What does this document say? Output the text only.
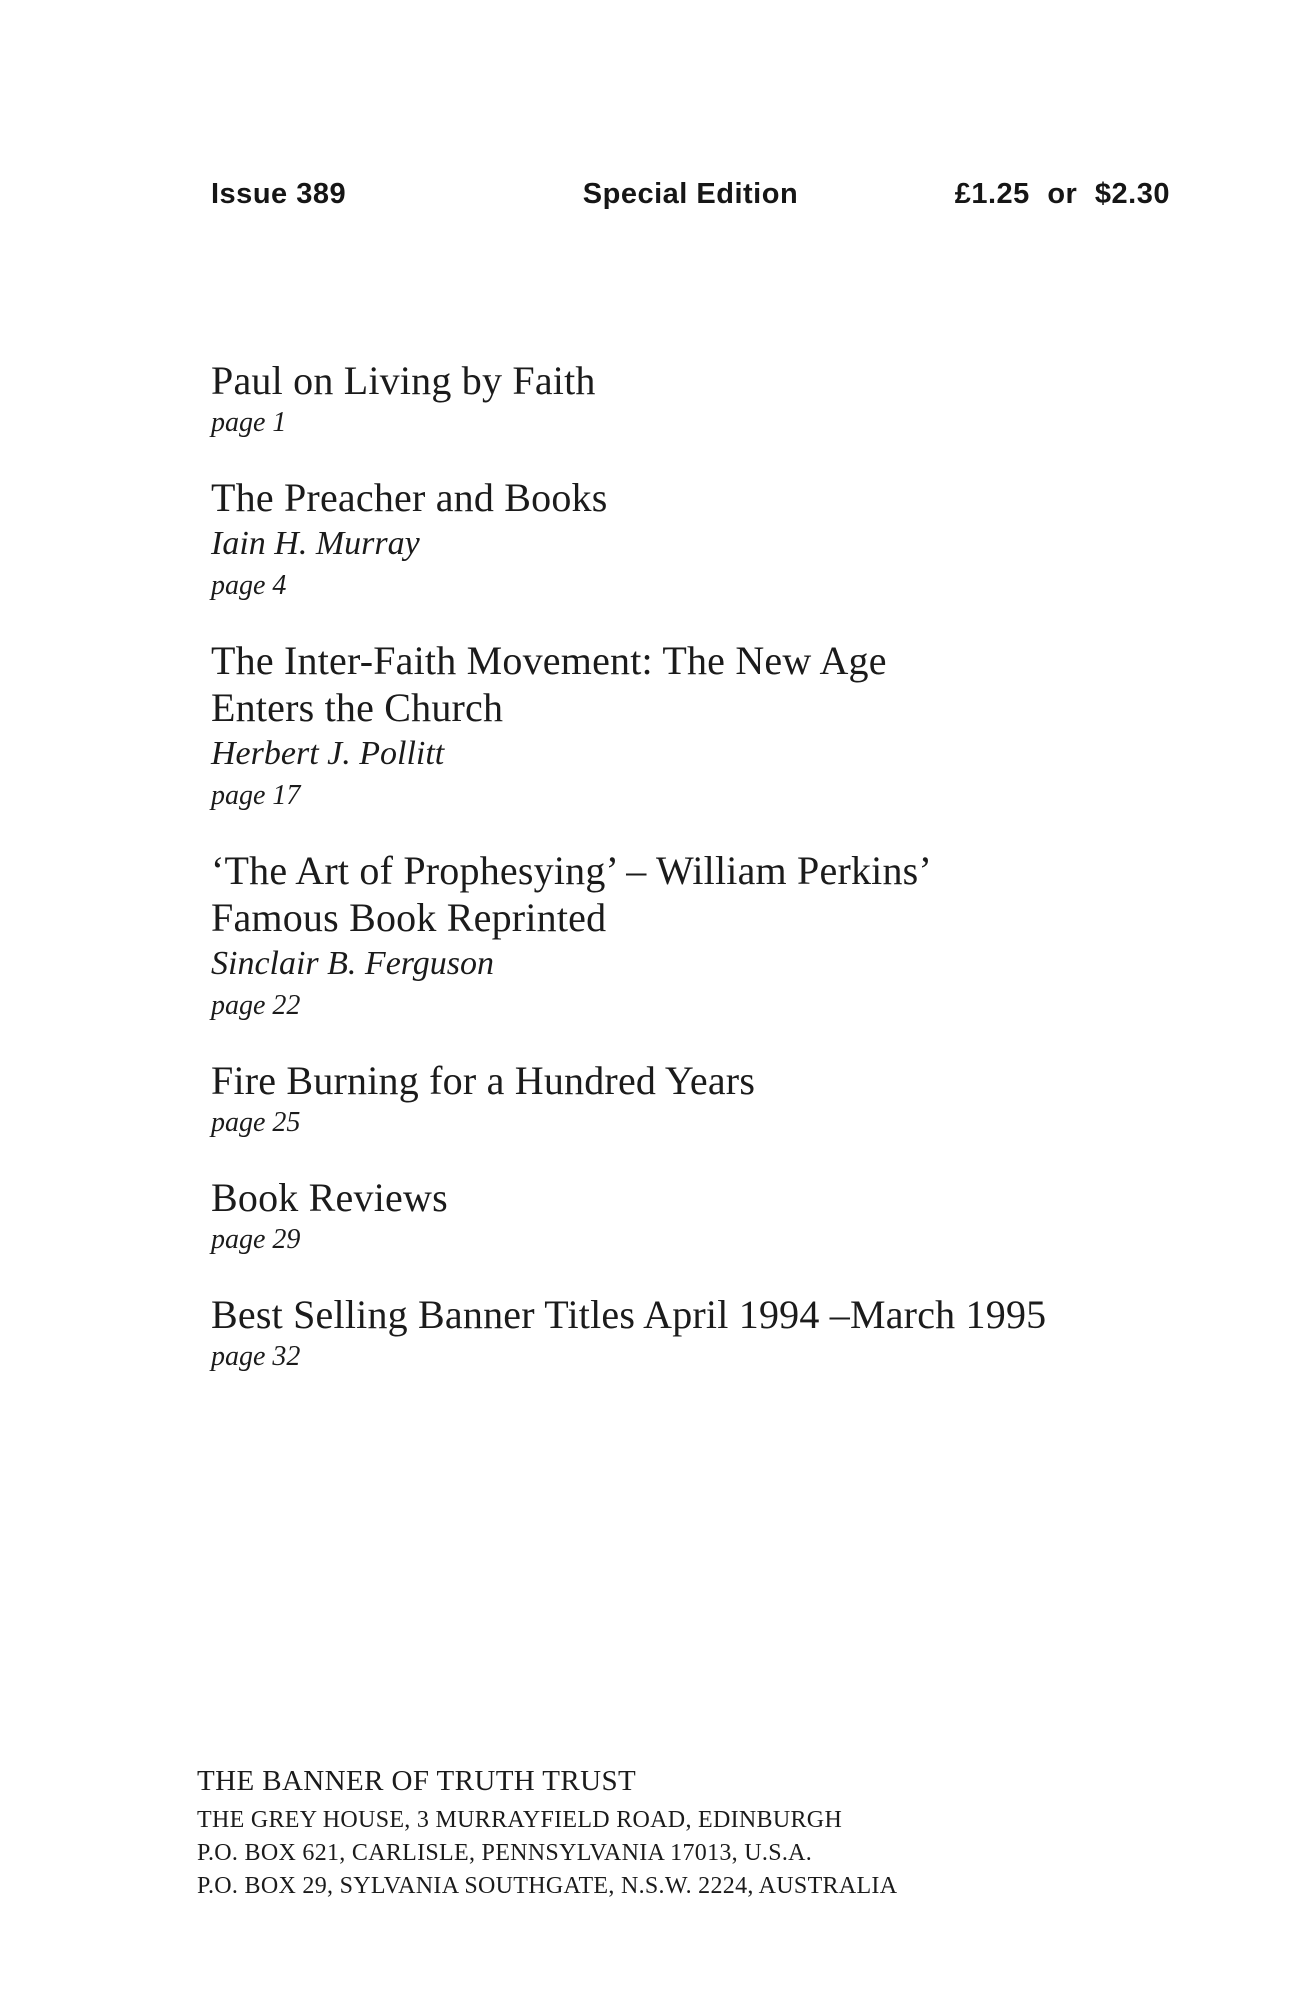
Issue 389	Special Edition	£1.25 or $2.30
Paul on Living by Faith
page 1
The Preacher and Books
Iain H. Murray
page 4
The Inter-Faith Movement: The New Age
Enters the Church
Herbert J. Pollitt
page 17
‘The Art of Prophesying’ – William Perkins’
Famous Book Reprinted
Sinclair B. Ferguson
page 22
Fire Burning for a Hundred Years
page 25
Book Reviews
page 29
Best Selling Banner Titles April 1994 –March 1995
page 32
THE BANNER OF TRUTH TRUST
THE GREY HOUSE, 3 MURRAYFIELD ROAD, EDINBURGH
P.O. BOX 621, CARLISLE, PENNSYLVANIA 17013, U.S.A.
P.O. BOX 29, SYLVANIA SOUTHGATE, N.S.W. 2224, AUSTRALIA
